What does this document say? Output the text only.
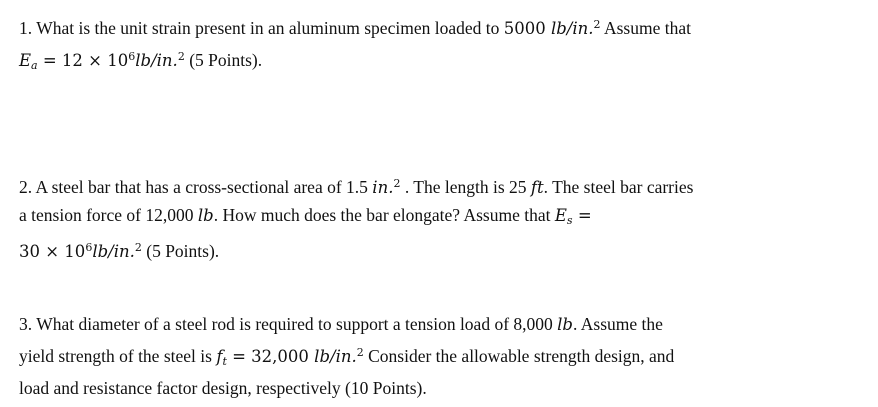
1. What is the unit strain present in an aluminum specimen loaded to 5000 lb/in.$^2$ Assume that
$E_a = 12 \times 10^6lb/in.^2$ (5 Points).
2. A steel bar that has a cross-sectional area of 1.5 in.$^2$ . The length is 25 ft. The steel bar carries
a tension force of 12,000 lb. How much does the bar elongate? Assume that $E_s$ =
$30 \times 10^6lb/in.^2$ (5 Points).
3. What diameter of a steel rod is required to support a tension load of 8,000 lb. Assume the
yield strength of the steel is $f_t = 32,000$ lb/in.$^2$ Consider the allowable strength design, and
load and resistance factor design, respectively (10 Points).
